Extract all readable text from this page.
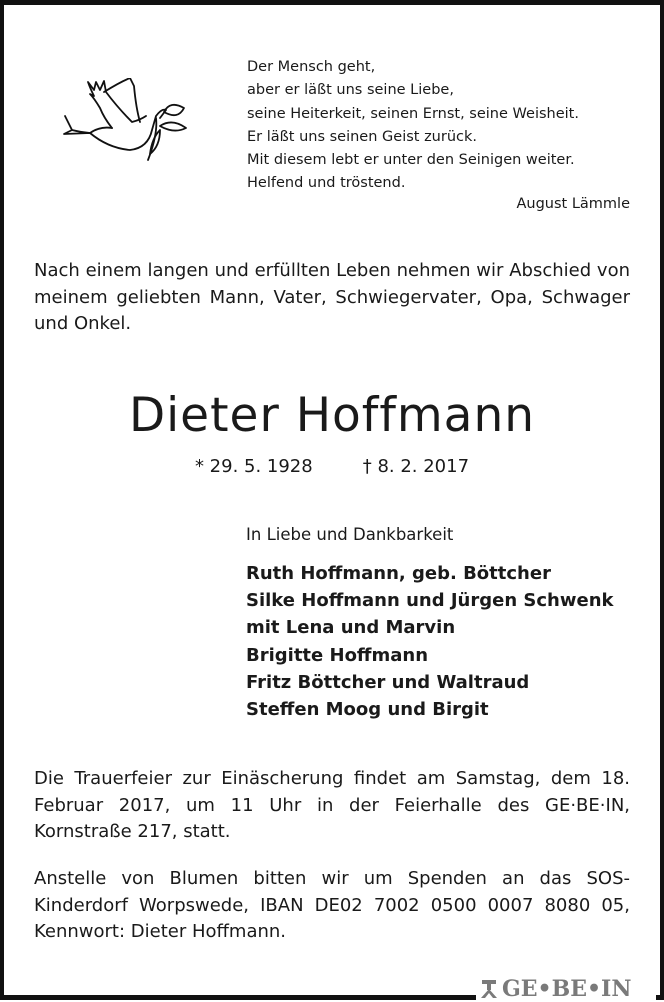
Der Mensch geht,
aber er läßt uns seine Liebe,
seine Heiterkeit, seinen Ernst, seine Weisheit.
Er läßt uns seinen Geist zurück.
Mit diesem lebt er unter den Seinigen weiter.
Helfend und tröstend.
August Lämmle
Nach einem langen und erfüllten Leben nehmen wir Abschied von meinem geliebten Mann, Vater, Schwiegervater, Opa, Schwager und Onkel.
Dieter Hoffmann
* 29. 5. 1928	† 8. 2. 2017
In Liebe und Dankbarkeit
Ruth Hoffmann, geb. Böttcher
Silke Hoffmann und Jürgen Schwenk
mit Lena und Marvin
Brigitte Hoffmann
Fritz Böttcher und Waltraud
Steffen Moog und Birgit
Die Trauerfeier zur Einäscherung findet am Samstag, dem 18. Februar 2017, um 11 Uhr in der Feierhalle des GE·BE·IN, Kornstraße 217, statt.
Anstelle von Blumen bitten wir um Spenden an das SOS-Kinderdorf Worpswede, IBAN DE02 7002 0500 0007 8080 05, Kennwort: Dieter Hoffmann.
GE•BE•IN
